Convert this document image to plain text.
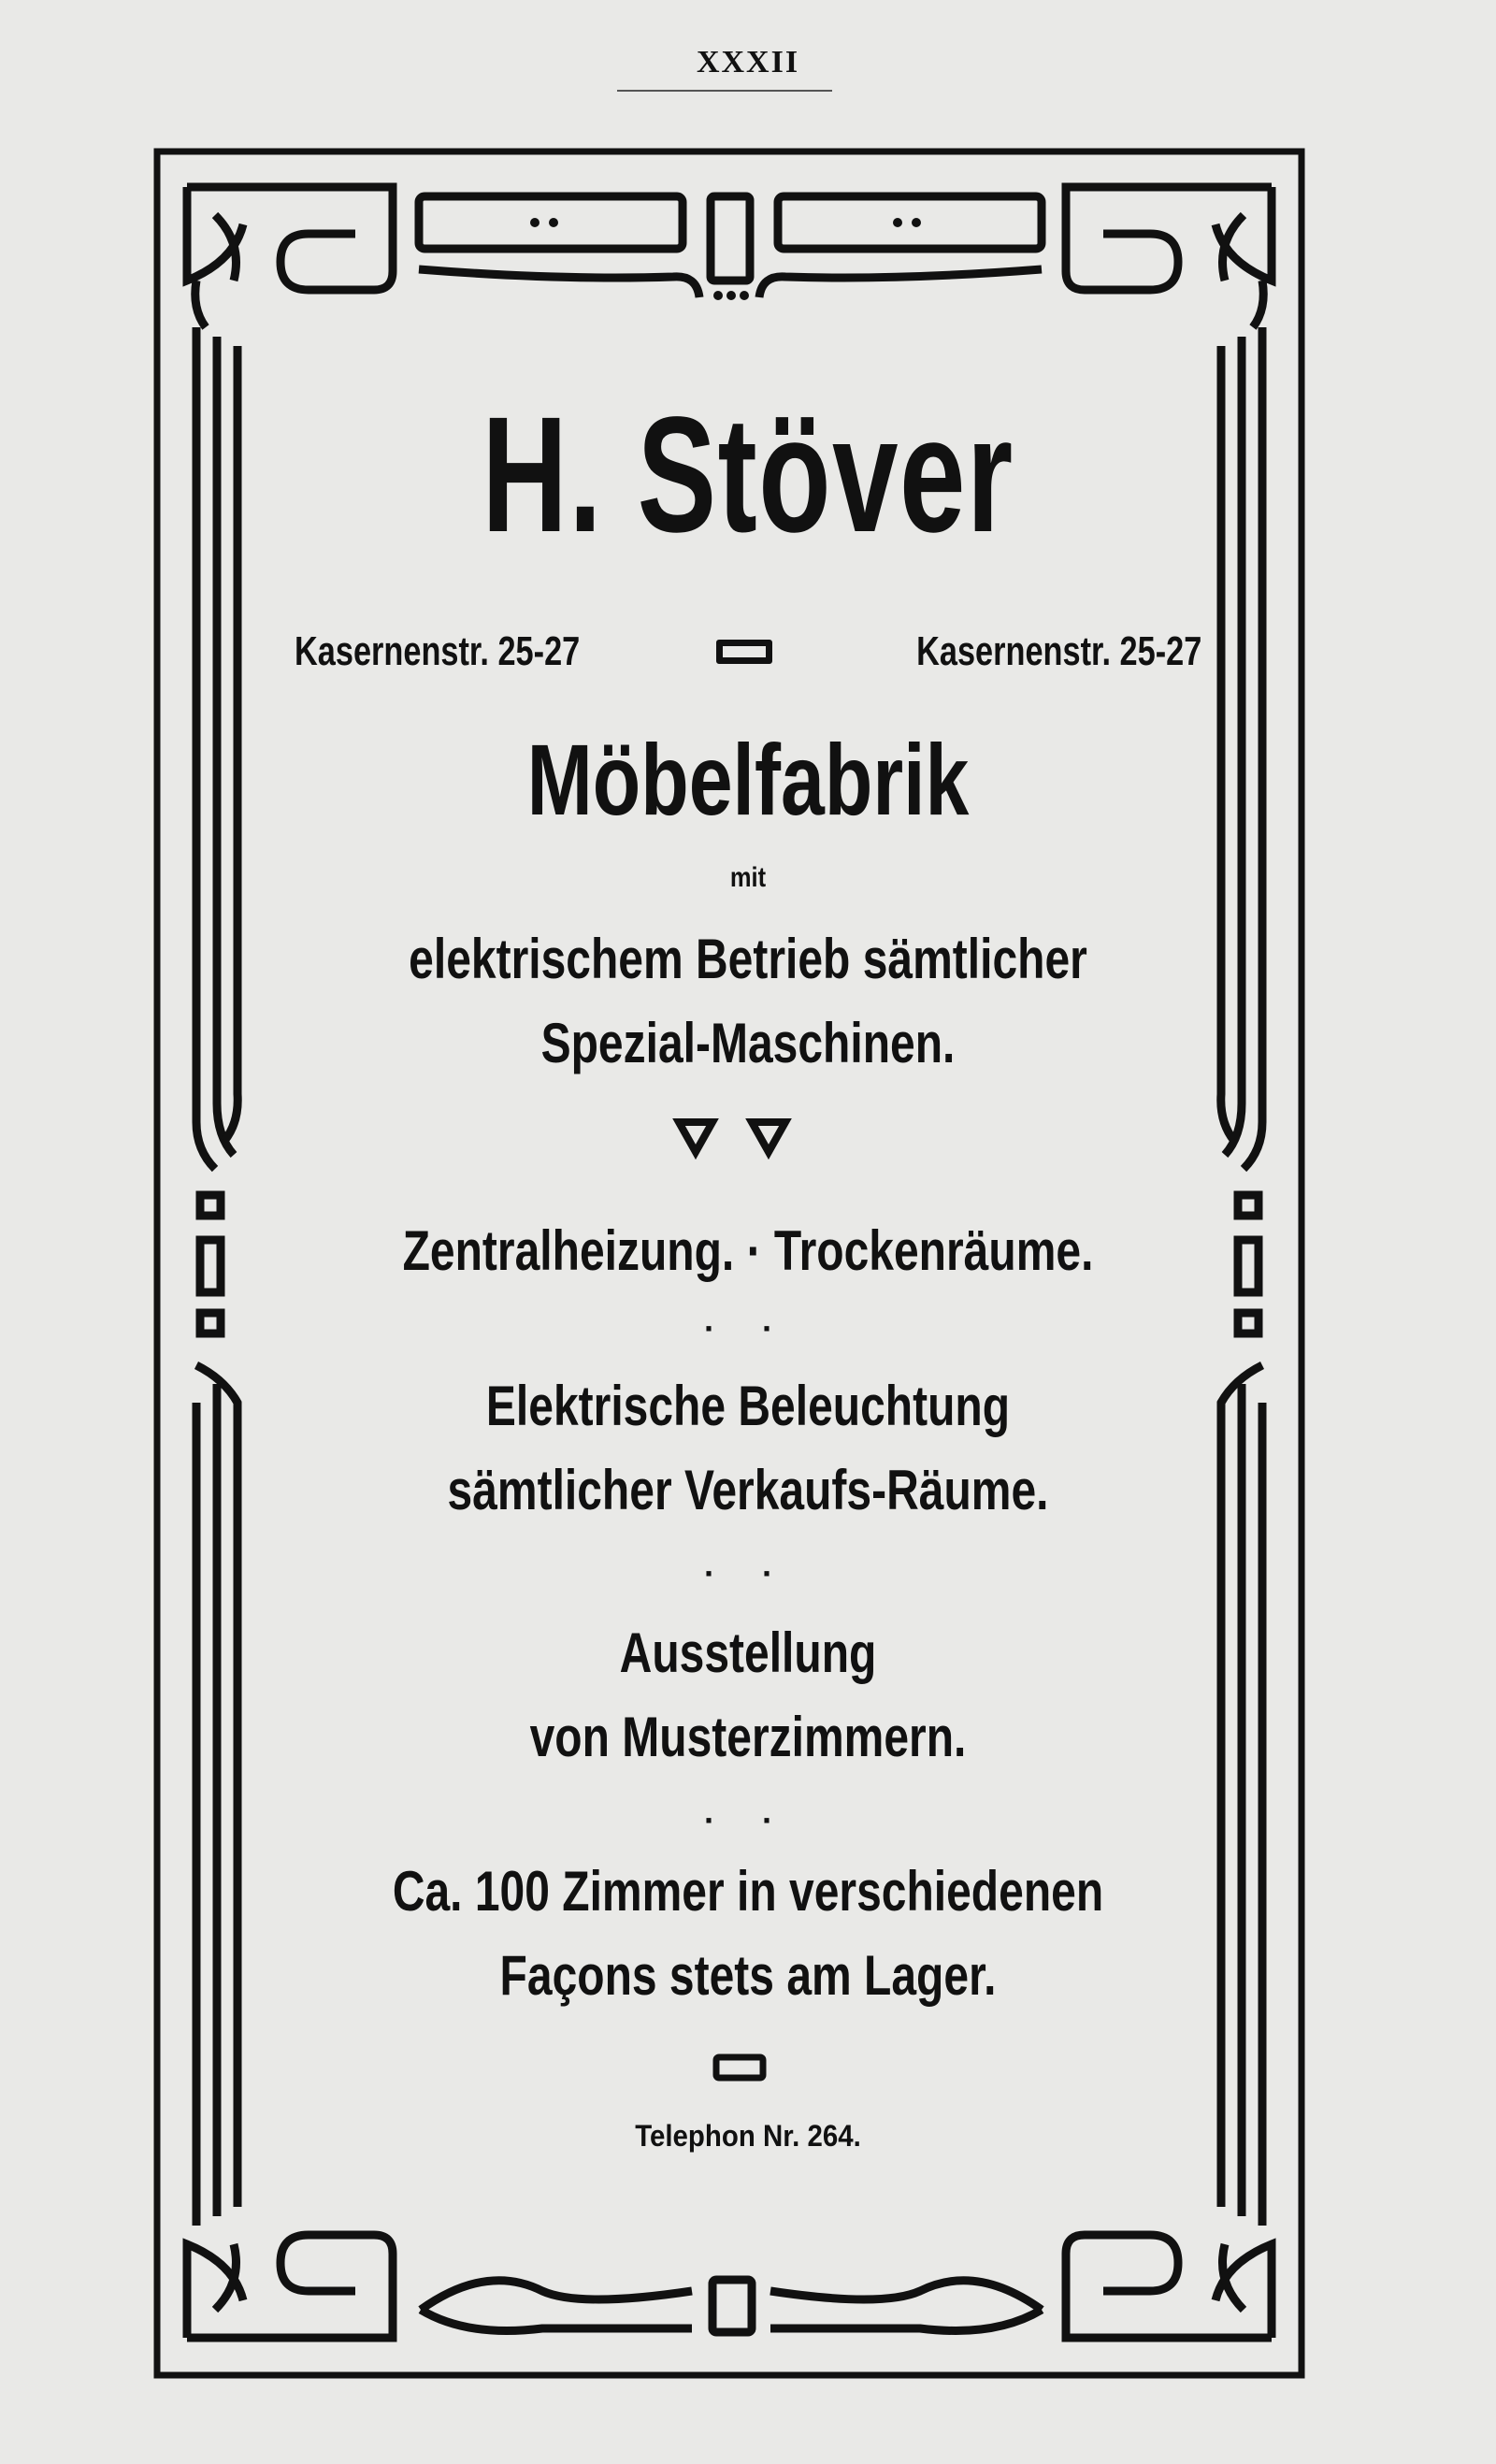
XXXII
H. Stöver
Kasernenstr. 25-27	Kasernenstr. 25-27
Möbelfabrik
mit
elektrischem Betrieb sämtlicher
Spezial-Maschinen.
Zentralheizung. · Trockenräume.
· ·
Elektrische Beleuchtung
sämtlicher Verkaufs-Räume.
· ·
Ausstellung
von Musterzimmern.
· ·
Ca. 100 Zimmer in verschiedenen
Façons stets am Lager.
Telephon Nr. 264.
